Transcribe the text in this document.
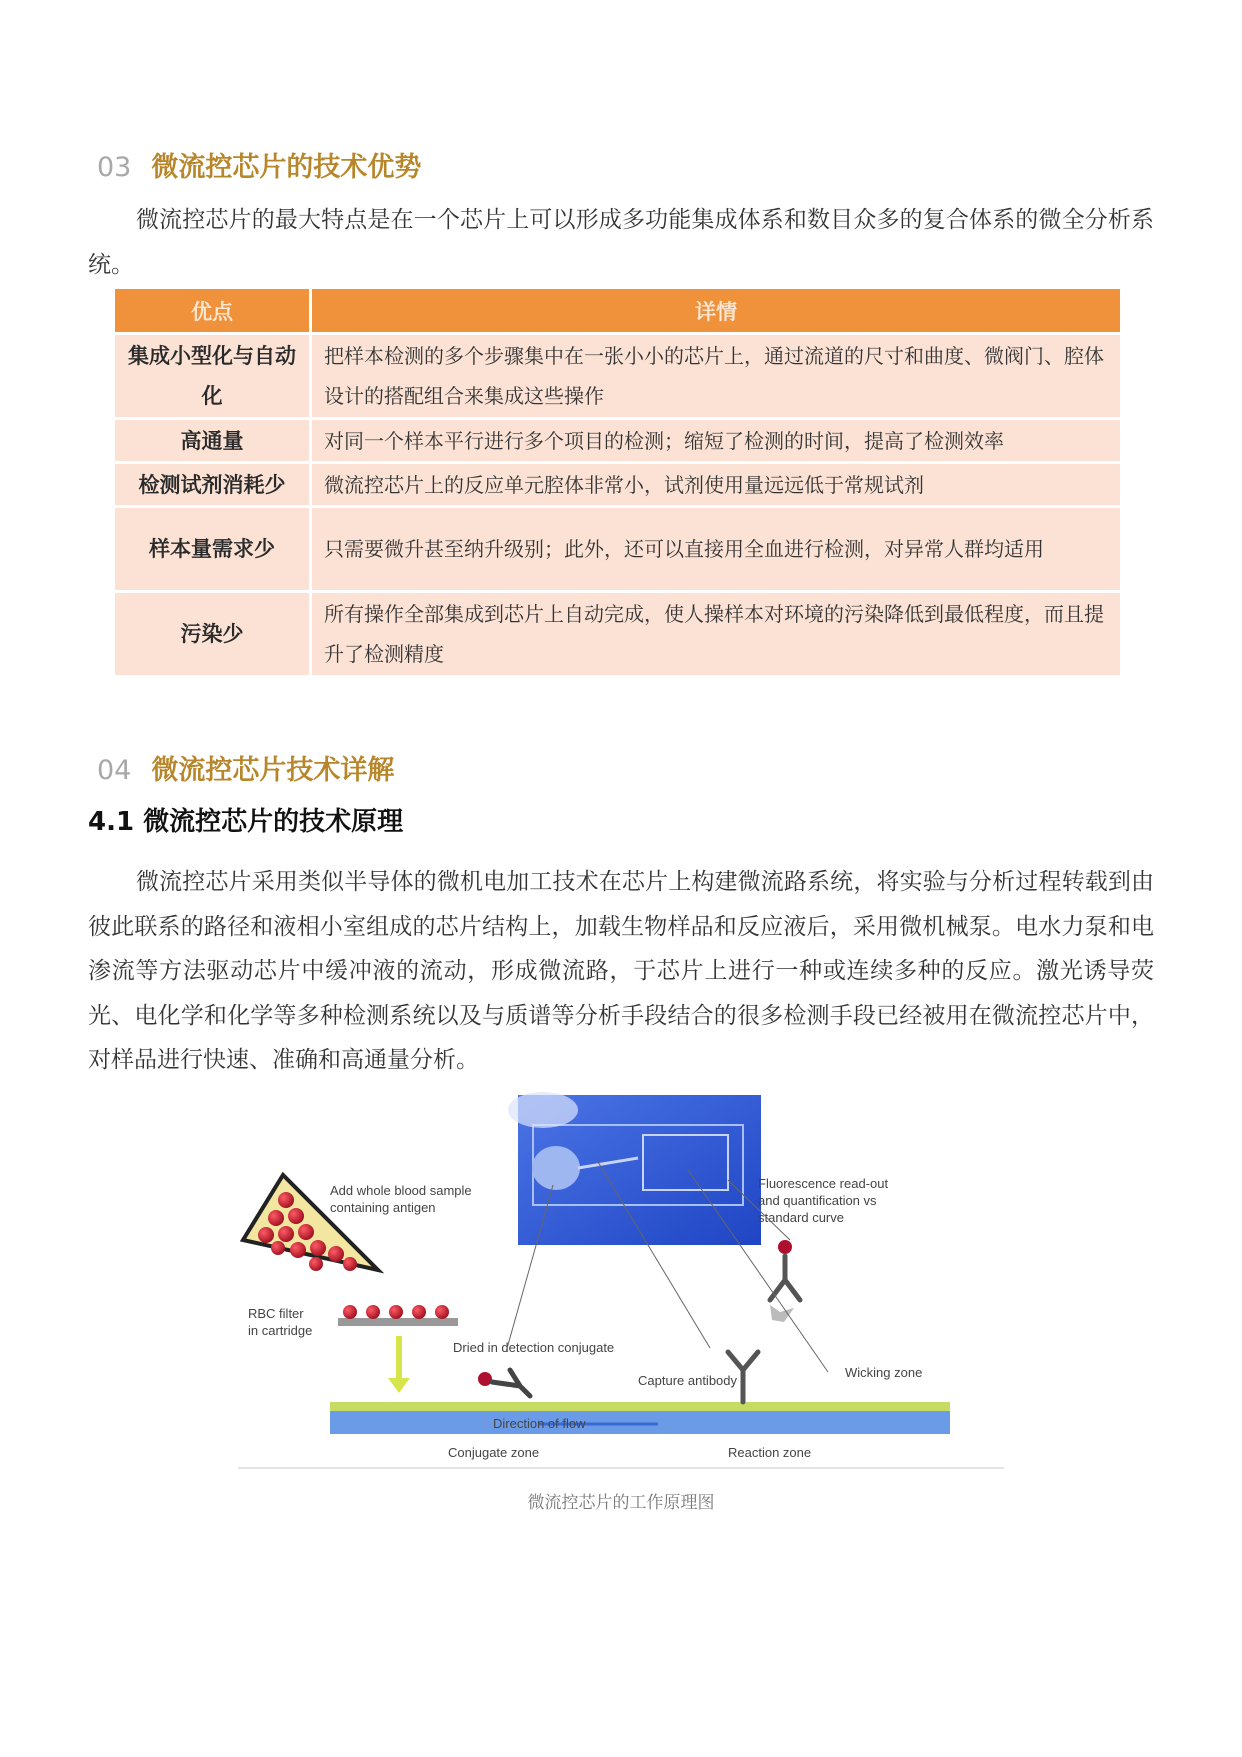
03 微流控芯片的技术优势
微流控芯片的最大特点是在一个芯片上可以形成多功能集成体系和数目众多的复合体系的微全分析系统。
优点	详情
集成小型化与自动化	把样本检测的多个步骤集中在一张小小的芯片上，通过流道的尺寸和曲度、微阀门、腔体设计的搭配组合来集成这些操作
高通量	对同一个样本平行进行多个项目的检测；缩短了检测的时间，提高了检测效率
检测试剂消耗少	微流控芯片上的反应单元腔体非常小，试剂使用量远远低于常规试剂
样本量需求少	只需要微升甚至纳升级别；此外，还可以直接用全血进行检测，对异常人群均适用
污染少	所有操作全部集成到芯片上自动完成，使人操样本对环境的污染降低到最低程度，而且提升了检测精度
04 微流控芯片技术详解
4.1 微流控芯片的技术原理
微流控芯片采用类似半导体的微机电加工技术在芯片上构建微流路系统，将实验与分析过程转载到由彼此联系的路径和液相小室组成的芯片结构上，加载生物样品和反应液后，采用微机械泵。电水力泵和电渗流等方法驱动芯片中缓冲液的流动，形成微流路，于芯片上进行一种或连续多种的反应。激光诱导荧光、电化学和化学等多种检测系统以及与质谱等分析手段结合的很多检测手段已经被用在微流控芯片中，对样品进行快速、准确和高通量分析。
Add whole blood sample
containing antigen
RBC filter
in cartridge
Direction of flow
Conjugate zone	Reaction zone
Dried in detection conjugate
Capture antibody
Fluorescence read-out
and quantification vs
standard curve
Wicking zone
微流控芯片的工作原理图
